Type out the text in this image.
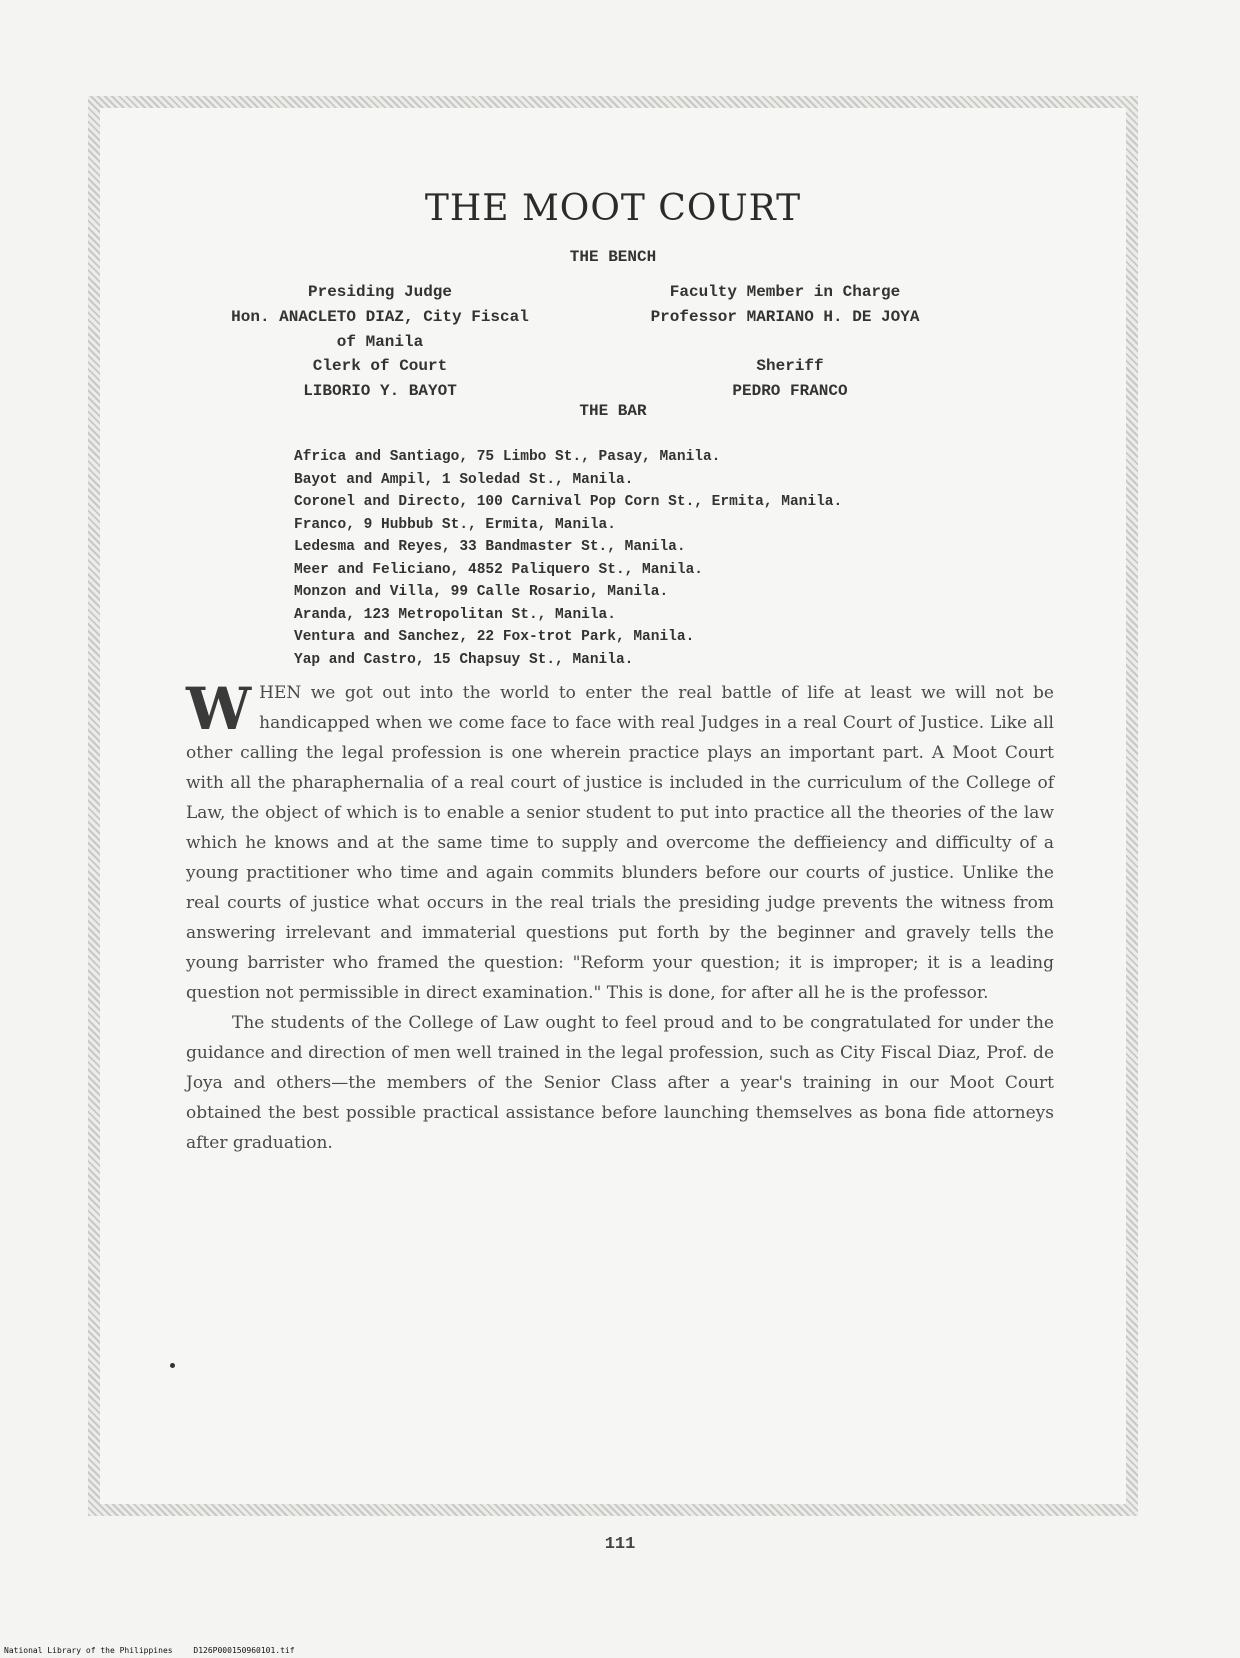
THE MOOT COURT
THE BENCH
Presiding Judge
Hon. ANACLETO DIAZ, City Fiscal
of Manila
Faculty Member in Charge
Professor MARIANO H. DE JOYA
Clerk of Court
LIBORIO Y. BAYOT
Sheriff
PEDRO FRANCO
THE BAR
Africa and Santiago, 75 Limbo St., Pasay, Manila.
Bayot and Ampil, 1 Soledad St., Manila.
Coronel and Directo, 100 Carnival Pop Corn St., Ermita, Manila.
Franco, 9 Hubbub St., Ermita, Manila.
Ledesma and Reyes, 33 Bandmaster St., Manila.
Meer and Feliciano, 4852 Paliquero St., Manila.
Monzon and Villa, 99 Calle Rosario, Manila.
Aranda, 123 Metropolitan St., Manila.
Ventura and Sanchez, 22 Fox-trot Park, Manila.
Yap and Castro, 15 Chapsuy St., Manila.

WHEN we got out into the world to enter the real battle of life at least we will not be handicapped when we come face to face with real Judges in a real Court of Justice. Like all other calling the legal profession is one wherein practice plays an important part. A Moot Court with all the pharaphernalia of a real court of justice is included in the curriculum of the College of Law, the object of which is to enable a senior student to put into practice all the theories of the law which he knows and at the same time to supply and overcome the deffieiency and difficulty of a young practitioner who time and again commits blunders before our courts of justice. Unlike the real courts of justice what occurs in the real trials the presiding judge prevents the witness from answering irrelevant and immaterial questions put forth by the beginner and gravely tells the young barrister who framed the question: "Reform your question; it is improper; it is a leading question not permissible in direct examination." This is done, for after all he is the professor.

The students of the College of Law ought to feel proud and to be congratulated for under the guidance and direction of men well trained in the legal profession, such as City Fiscal Diaz, Prof. de Joya and others—the members of the Senior Class after a year's training in our Moot Court obtained the best possible practical assistance before launching themselves as bona fide attorneys after graduation.

111
National Library of the Philippines	D126P000150960101.tif
